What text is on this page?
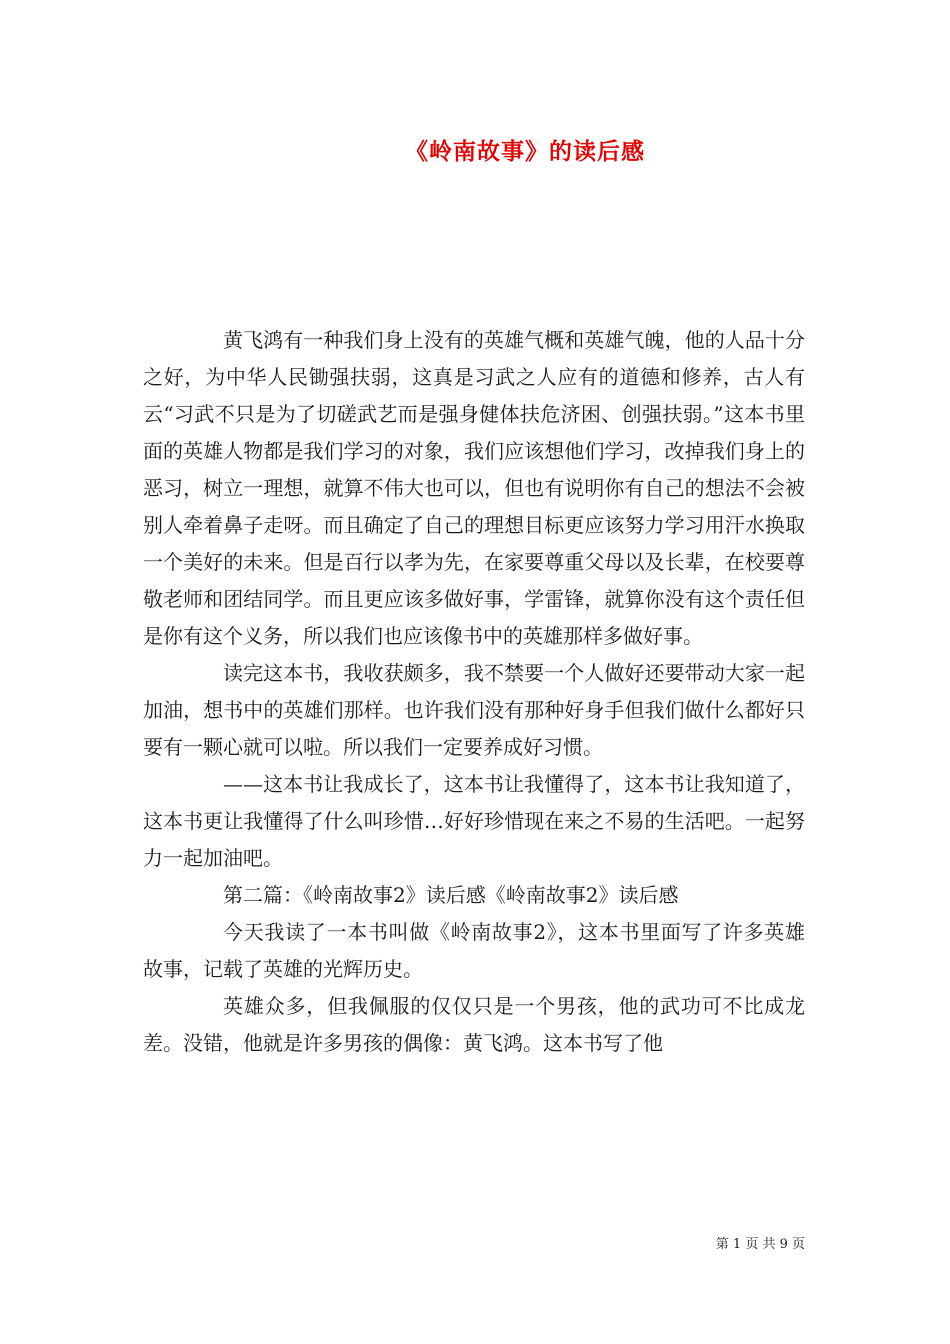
《岭南故事》的读后感

黄飞鸿有一种我们身上没有的英雄气概和英雄气魄，他的人品十分之好，为中华人民锄强扶弱，这真是习武之人应有的道德和修养，古人有云“习武不只是为了切磋武艺而是强身健体扶危济困、创强扶弱。”这本书里面的英雄人物都是我们学习的对象，我们应该想他们学习，改掉我们身上的恶习，树立一理想，就算不伟大也可以，但也有说明你有自己的想法不会被别人牵着鼻子走呀。而且确定了自己的理想目标更应该努力学习用汗水换取一个美好的未来。但是百行以孝为先，在家要尊重父母以及长辈，在校要尊敬老师和团结同学。而且更应该多做好事，学雷锋，就算你没有这个责任但是你有这个义务，所以我们也应该像书中的英雄那样多做好事。

读完这本书，我收获颇多，我不禁要一个人做好还要带动大家一起加油，想书中的英雄们那样。也许我们没有那种好身手但我们做什么都好只要有一颗心就可以啦。所以我们一定要养成好习惯。

——这本书让我成长了，这本书让我懂得了，这本书让我知道了，这本书更让我懂得了什么叫珍惜…好好珍惜现在来之不易的生活吧。一起努力一起加油吧。

第二篇：《岭南故事2》读后感《岭南故事2》读后感

今天我读了一本书叫做《岭南故事2》，这本书里面写了许多英雄故事，记载了英雄的光辉历史。

英雄众多，但我佩服的仅仅只是一个男孩，他的武功可不比成龙差。没错，他就是许多男孩的偶像：黄飞鸿。这本书写了他

第 1 页 共 9 页
